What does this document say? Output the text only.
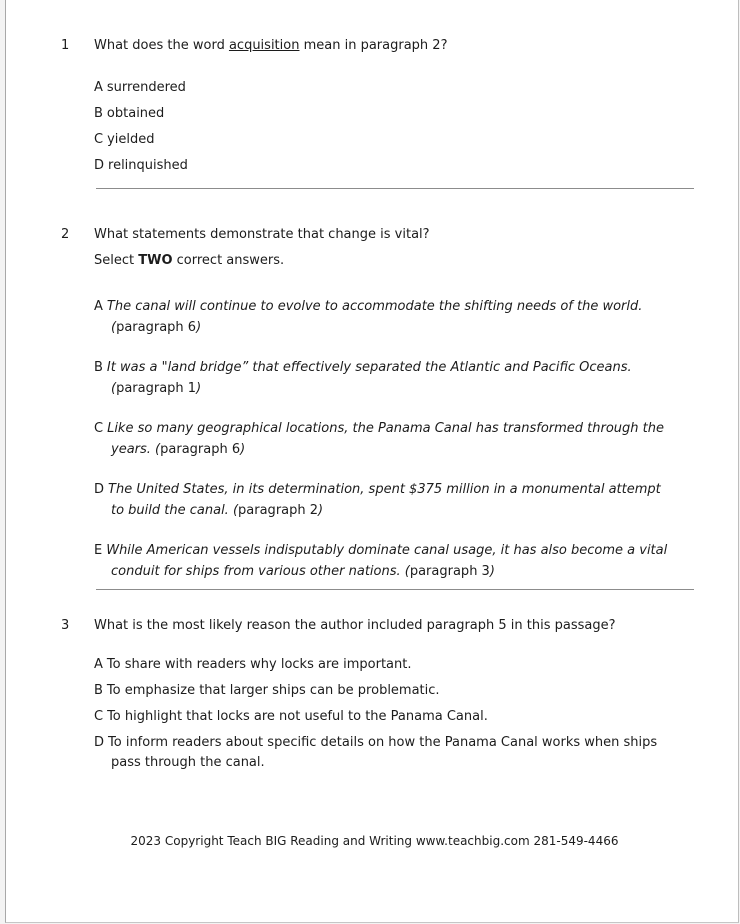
1	What does the word acquisition mean in paragraph 2?
A surrendered
B obtained
C yielded
D relinquished
2	What statements demonstrate that change is vital?
Select TWO correct answers.
A The canal will continue to evolve to accommodate the shifting needs of the world. (paragraph 6)
B It was a "land bridge” that effectively separated the Atlantic and Pacific Oceans. (paragraph 1)
C Like so many geographical locations, the Panama Canal has transformed through the years. (paragraph 6)
D The United States, in its determination, spent $375 million in a monumental attempt to build the canal. (paragraph 2)
E While American vessels indisputably dominate canal usage, it has also become a vital conduit for ships from various other nations. (paragraph 3)
3	What is the most likely reason the author included paragraph 5 in this passage?
A To share with readers why locks are important.
B To emphasize that larger ships can be problematic.
C To highlight that locks are not useful to the Panama Canal.
D To inform readers about specific details on how the Panama Canal works when ships pass through the canal.
2023 Copyright Teach BIG Reading and Writing www.teachbig.com 281-549-4466
